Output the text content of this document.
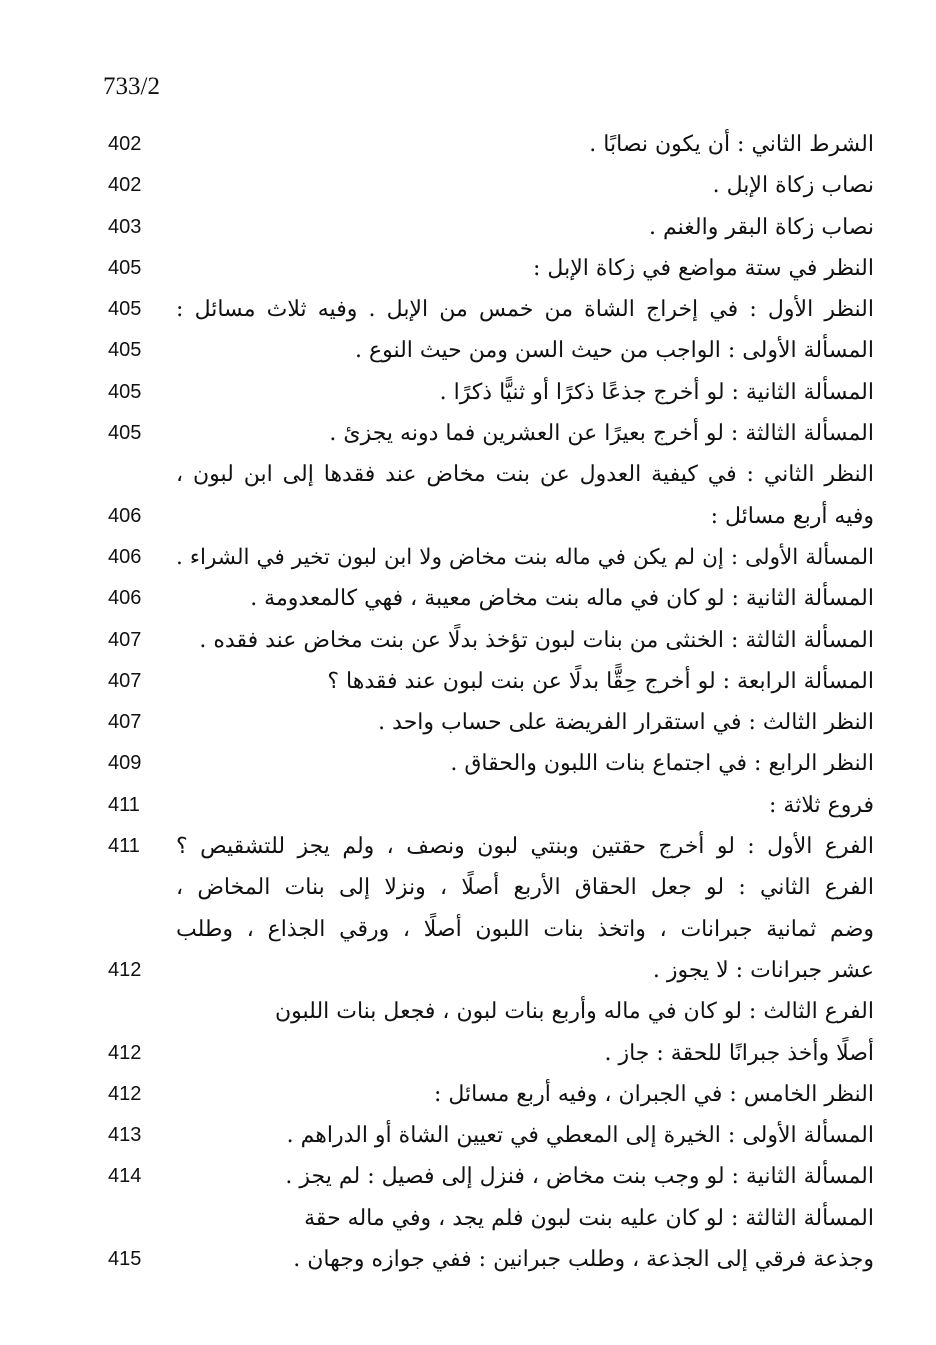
733/2
الشرط الثاني : أن يكون نصابًا .
402
نصاب زكاة الإبل .
402
نصاب زكاة البقر والغنم .
403
النظر في ستة مواضع في زكاة الإبل :
405
النظر الأول : في إخراج الشاة من خمس من الإبل . وفيه ثلاث مسائل :
405
المسألة الأولى : الواجب من حيث السن ومن حيث النوع .
405
المسألة الثانية : لو أخرج جذعًا ذكرًا أو ثنيًّا ذكرًا .
405
المسألة الثالثة : لو أخرج بعيرًا عن العشرين فما دونه يجزئ .
405
النظر الثاني : في كيفية العدول عن بنت مخاض عند فقدها إلى ابن لبون ،
وفيه أربع مسائل :
406
المسألة الأولى : إن لم يكن في ماله بنت مخاض ولا ابن لبون تخير في الشراء .
406
المسألة الثانية : لو كان في ماله بنت مخاض معيبة ، فهي كالمعدومة .
406
المسألة الثالثة : الخنثى من بنات لبون تؤخذ بدلًا عن بنت مخاض عند فقده .
407
المسألة الرابعة : لو أخرج حِقًّا بدلًا عن بنت لبون عند فقدها ؟
407
النظر الثالث : في استقرار الفريضة على حساب واحد .
407
النظر الرابع : في اجتماع بنات اللبون والحقاق .
409
فروع ثلاثة :
411
الفرع الأول : لو أخرج حقتين وبنتي لبون ونصف ، ولم يجز للتشقيص ؟
411
الفرع الثاني : لو جعل الحقاق الأربع أصلًا ، ونزلا إلى بنات المخاض ،
وضم ثمانية جبرانات ، واتخذ بنات اللبون أصلًا ، ورقي الجذاع ، وطلب
عشر جبرانات : لا يجوز .
412
الفرع الثالث : لو كان في ماله وأربع بنات لبون ، فجعل بنات اللبون
أصلًا وأخذ جبرانًا للحقة : جاز .
412
النظر الخامس : في الجبران ، وفيه أربع مسائل :
412
المسألة الأولى : الخيرة إلى المعطي في تعيين الشاة أو الدراهم .
413
المسألة الثانية : لو وجب بنت مخاض ، فنزل إلى فصيل : لم يجز .
414
المسألة الثالثة : لو كان عليه بنت لبون فلم يجد ، وفي ماله حقة
وجذعة فرقي إلى الجذعة ، وطلب جبرانين : ففي جوازه وجهان .
415
